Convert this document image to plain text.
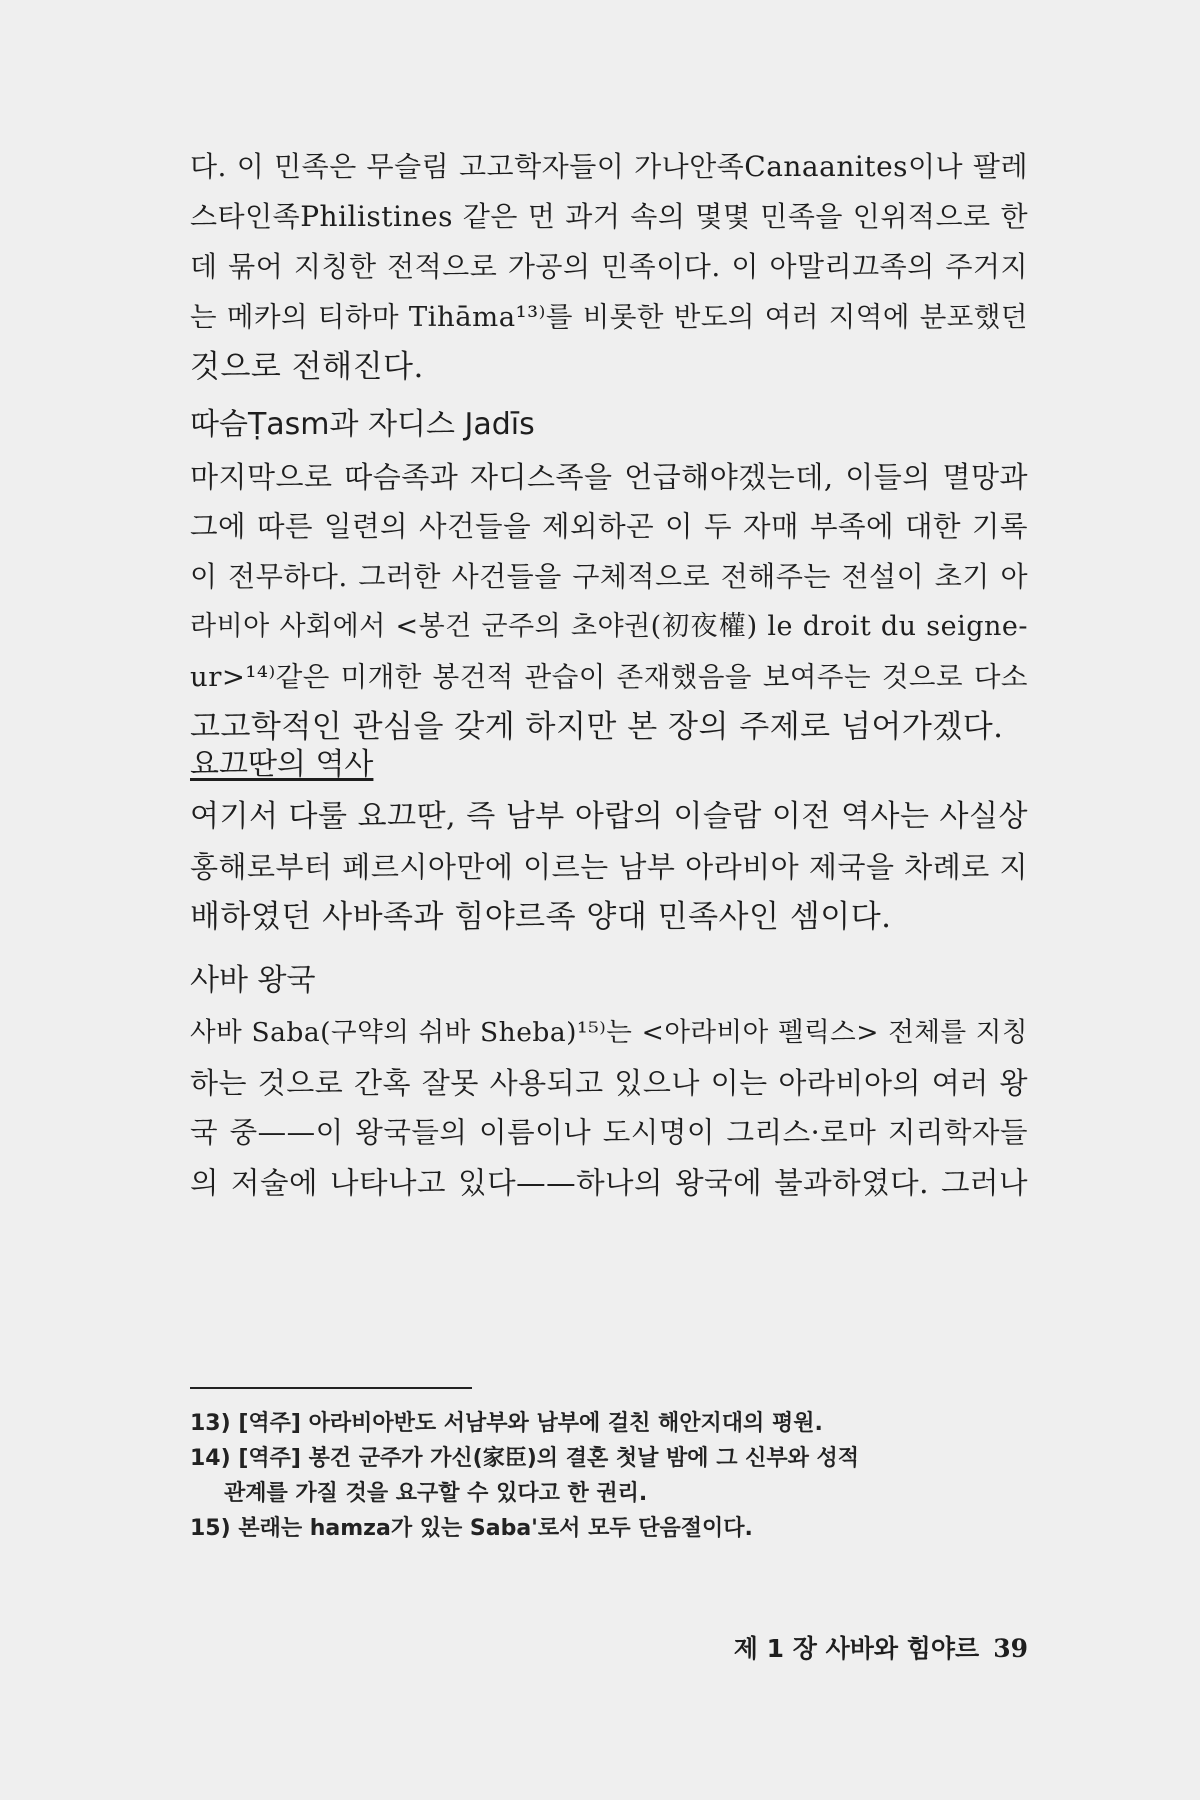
다. 이 민족은 무슬림 고고학자들이 가나안족Canaanites이나 팔레
스타인족Philistines 같은 먼 과거 속의 몇몇 민족을 인위적으로 한
데 묶어 지칭한 전적으로 가공의 민족이다. 이 아말리끄족의 주거지
는 메카의 티하마 Tihāma¹³⁾를 비롯한 반도의 여러 지역에 분포했던
것으로 전해진다.
따슴Ṭasm과 자디스 Jadīs
마지막으로 따슴족과 자디스족을 언급해야겠는데, 이들의 멸망과
그에 따른 일련의 사건들을 제외하곤 이 두 자매 부족에 대한 기록
이 전무하다. 그러한 사건들을 구체적으로 전해주는 전설이 초기 아
라비아 사회에서 <봉건 군주의 초야권(初夜權) le droit du seigne-
ur>¹⁴⁾같은 미개한 봉건적 관습이 존재했음을 보여주는 것으로 다소
고고학적인 관심을 갖게 하지만 본 장의 주제로 넘어가겠다.
요끄딴의 역사
여기서 다룰 요끄딴, 즉 남부 아랍의 이슬람 이전 역사는 사실상
홍해로부터 페르시아만에 이르는 남부 아라비아 제국을 차례로 지
배하였던 사바족과 힘야르족 양대 민족사인 셈이다.
사바 왕국
사바 Saba(구약의 쉬바 Sheba)¹⁵⁾는 <아라비아 펠릭스> 전체를 지칭
하는 것으로 간혹 잘못 사용되고 있으나 이는 아라비아의 여러 왕
국 중——이 왕국들의 이름이나 도시명이 그리스·로마 지리학자들
의 저술에 나타나고 있다——하나의 왕국에 불과하였다. 그러나
13) [역주] 아라비아반도 서남부와 남부에 걸친 해안지대의 평원.
14) [역주] 봉건 군주가 가신(家臣)의 결혼 첫날 밤에 그 신부와 성적
관계를 가질 것을 요구할 수 있다고 한 권리.
15) 본래는 hamza가 있는 Saba'로서 모두 단음절이다.
제 1 장 사바와 힘야르 39
